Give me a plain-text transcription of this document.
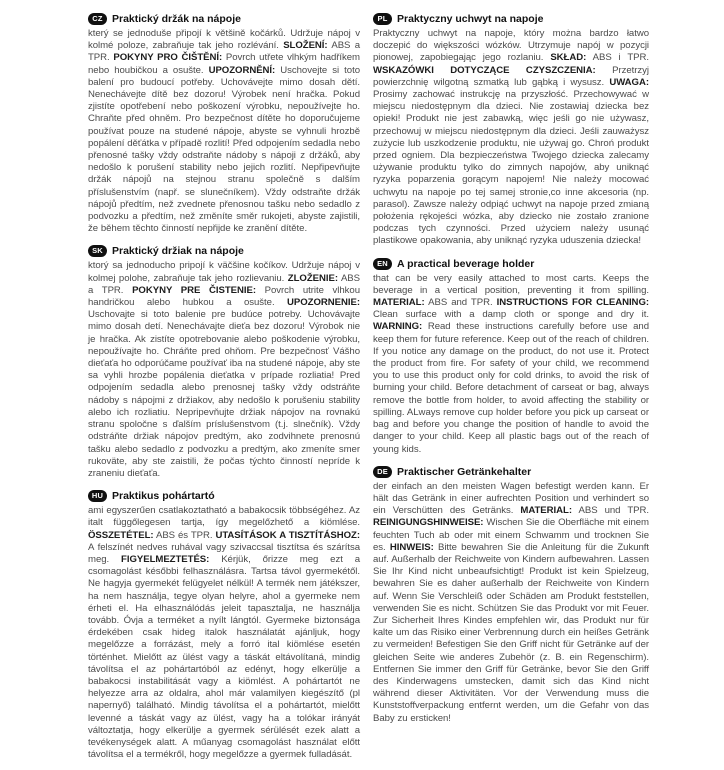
CZ Praktický držák na nápoje

který se jednoduše připojí k většině kočárků. Udržuje nápoj v kolmé poloze, zabraňuje tak jeho rozlévání. SLOŽENÍ: ABS a TPR. POKYNY PRO ČIŠTĚNÍ: Povrch utřete vlhkým hadříkem nebo houbičkou a osušte. UPOZORNĚNÍ: Uschovejte si toto balení pro budoucí potřeby. Uchovávejte mimo dosah dětí. Nenechávejte dítě bez dozoru! Výrobek není hračka. Pokud zjistíte opotřebení nebo poškození výrobku, nepoužívejte ho. Chraňte před ohněm. Pro bezpečnost dítěte ho doporučujeme používat pouze na studené nápoje, abyste se vyhnuli hrozbě popálení děťátka v případě rozlití! Před odpojením sedadla nebo přenosné tašky vždy odstraňte nádoby s nápoji z držáků, aby nedošlo k porušení stability nebo jejich rozlití. Nepřipevňujte držák nápojů na stejnou stranu společně s dalším příslušenstvím (např. se slunečníkem). Vždy odstraňte držák nápojů předtím, než zvednete přenosnou tašku nebo sedadlo z podvozku a předtím, než změníte směr rukojeti, abyste zajistili, že během těchto činností nepřijde ke zranění dítěte.

SK Praktický držiak na nápoje

ktorý sa jednoducho pripojí k väčšine kočíkov. Udržuje nápoj v kolmej polohe, zabraňuje tak jeho rozlievaniu. ZLOŽENIE: ABS a TPR. POKYNY PRE ČISTENIE: Povrch utrite vlhkou handričkou alebo hubkou a osušte. UPOZORNENIE: Uschovajte si toto balenie pre budúce potreby. Uchovávajte mimo dosah detí. Nenechávajte dieťa bez dozoru! Výrobok nie je hračka. Ak zistíte opotrebovanie alebo poškodenie výrobku, nepoužívajte ho. Chráňte pred ohňom. Pre bezpečnosť Vášho dieťaťa ho odporúčame používať iba na studené nápoje, aby ste sa vyhli hrozbe popálenia dieťatka v prípade rozliatia! Pred odpojením sedadla alebo prenosnej tašky vždy odstráňte nádoby s nápojmi z držiakov, aby nedošlo k porušeniu stability alebo ich rozliatiu. Nepripevňujte držiak nápojov na rovnakú stranu spoločne s ďalším príslušenstvom (t.j. slnečník). Vždy odstráňte držiak nápojov predtým, ako zodvihnete prenosnú tašku alebo sedadlo z podvozku a predtým, ako zmeníte smer rukoväte, aby ste zaistili, že počas týchto činností nepríde k zraneniu dieťaťa.

HU Praktikus pohártartó

ami egyszerűen csatlakoztatható a babakocsik többségéhez. Az italt függőlegesen tartja, így megelőzhető a kiömlése. ÖSSZETÉTEL: ABS és TPR. UTASÍTÁSOK A TISZTÍTÁSHOZ: A felszínét nedves ruhával vagy szivaccsal tisztítsa és szárítsa meg. FIGYELMEZTETÉS: Kérjük, őrizze meg ezt a csomagolást későbbi felhasználásra. Tartsa távol gyermekétől. Ne hagyja gyermekét felügyelet nélkül! A termék nem játékszer, ha nem használja, tegye olyan helyre, ahol a gyermeke nem érheti el. Ha elhasználódás jeleit tapasztalja, ne használja tovább. Óvja a terméket a nyílt lángtól. Gyermeke biztonsága érdekében csak hideg italok használatát ajánljuk, hogy megelőzze a forrázást, mely a forró ital kiömlése esetén történhet. Mielőtt az ülést vagy a táskát eltávolítaná, mindig távolítsa el az pohártartóból az edényt, hogy elkerülje a babakocsi instabilitását vagy a kiömlést. A pohártartót ne helyezze arra az oldalra, ahol már valamilyen kiegészítő (pl napernyő) található. Mindig távolítsa el a pohártartót, mielőtt levenné a táskát vagy az ülést, vagy ha a tolókar irányát változtatja, hogy elkerülje a gyermek sérülését ezek alatt a tevékenységek alatt. A műanyag csomagolást használat előtt távolítsa el a termékről, hogy megelőzze a gyermek fulladását.

PL Praktyczny uchwyt na napoje

Praktyczny uchwyt na napoje, który można bardzo łatwo doczepić do większości wózków. Utrzymuje napój w pozycji pionowej, zapobiegając jego rozlaniu. SKŁAD: ABS i TPR. WSKAZÓWKI DOTYCZĄCE CZYSZCZENIA: Przetrzyj powierzchnię wilgotną szmatką lub gąbką i wysusz. UWAGA: Prosimy zachować instrukcję na przyszłość. Przechowywać w miejscu niedostępnym dla dzieci. Nie zostawiaj dziecka bez opieki! Produkt nie jest zabawką, więc jeśli go nie używasz, przechowuj w miejscu niedostępnym dla dzieci. Jeśli zauważysz zużycie lub uszkodzenie produktu, nie używaj go. Chroń produkt przed ogniem. Dla bezpieczeństwa Twojego dziecka zalecamy używanie produktu tylko do zimnych napojów, aby uniknąć ryzyka poparzenia gorącym napojem! Nie należy mocować uchwytu na napoje po tej samej stronie,co inne akcesoria (np. parasol). Zawsze należy odpiąć uchwyt na napoje przed zmianą położenia rękojeści wózka, aby dziecko nie zostało zranione podczas tych czynności. Przed użyciem należy usunąć plastikowe opakowania, aby uniknąć ryzyka uduszenia dziecka!

EN A practical beverage holder

that can be very easily attached to most carts. Keeps the beverage in a vertical position, preventing it from spilling. MATERIAL: ABS and TPR. INSTRUCTIONS FOR CLEANING: Clean surface with a damp cloth or sponge and dry it. WARNING: Read these instructions carefully before use and keep them for future reference. Keep out of the reach of children. If you notice any damage on the product, do not use it. Protect the product from fire. For safety of your child, we recommend you to use this product only for cold drinks, to avoid the risk of burning your child. Before detachment of carseat or bag, always remove the bottle from holder, to avoid affecting the stability or spilling. ALways remove cup holder before you pick up carseat or bag and before you change the position of handle to avoid the danger to your child. Keep all plastic bags out of the reach of young kids.

DE Praktischer Getränkehalter

der einfach an den meisten Wagen befestigt werden kann. Er hält das Getränk in einer aufrechten Position und verhindert so ein Verschütten des Getränks. MATERIAL: ABS und TPR. REINIGUNGSHINWEISE: Wischen Sie die Oberfläche mit einem feuchten Tuch ab oder mit einem Schwamm und trocknen Sie es. HINWEIS: Bitte bewahren Sie die Anleitung für die Zukunft auf. Außerhalb der Reichweite von Kindern aufbewahren. Lassen Sie Ihr Kind nicht unbeaufsichtigt! Produkt ist kein Spielzeug, bewahren Sie es daher außerhalb der Reichweite von Kindern auf. Wenn Sie Verschleiß oder Schäden am Produkt feststellen, verwenden Sie es nicht. Schützen Sie das Produkt vor mit Feuer. Zur Sicherheit Ihres Kindes empfehlen wir, das Produkt nur für kalte um das Risiko einer Verbrennung durch ein heißes Getränk zu vermeiden! Befestigen Sie den Griff nicht für Getränke auf der gleichen Seite wie anderes Zubehör (z. B. ein Regenschirm). Entfernen Sie immer den Griff für Getränke, bevor Sie den Griff des Kinderwagens umstecken, damit sich das Kind nicht während dieser Aktivitäten. Vor der Verwendung muss die Kunststoffverpackung entfernt werden, um die Gefahr von das Baby zu ersticken!
